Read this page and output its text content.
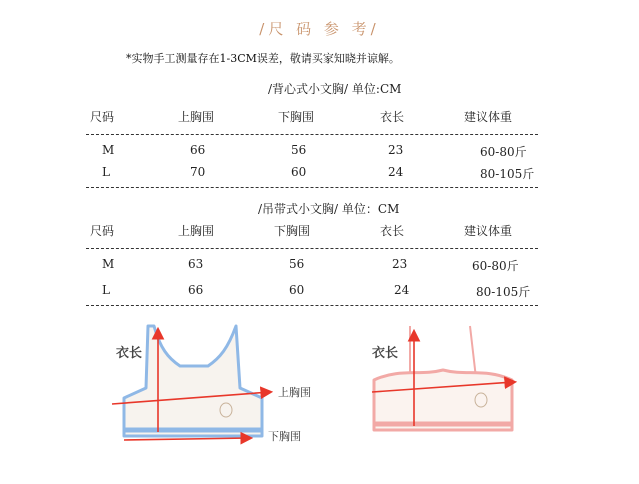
/尺 码 参 考/
*实物手工测量存在1-3CM误差，敬请买家知晓并谅解。
/背心式小文胸/ 单位:CM
尺码	上胸围	下胸围	衣长	建议体重
M	66	56	23	60-80斤
L	70	60	24	80-105斤
/吊带式小文胸/ 单位：CM
尺码	上胸围	下胸围	衣长	建议体重
M	63	56	23	60-80斤
L	66	60	24	80-105斤
衣长
上胸围
下胸围
衣长
